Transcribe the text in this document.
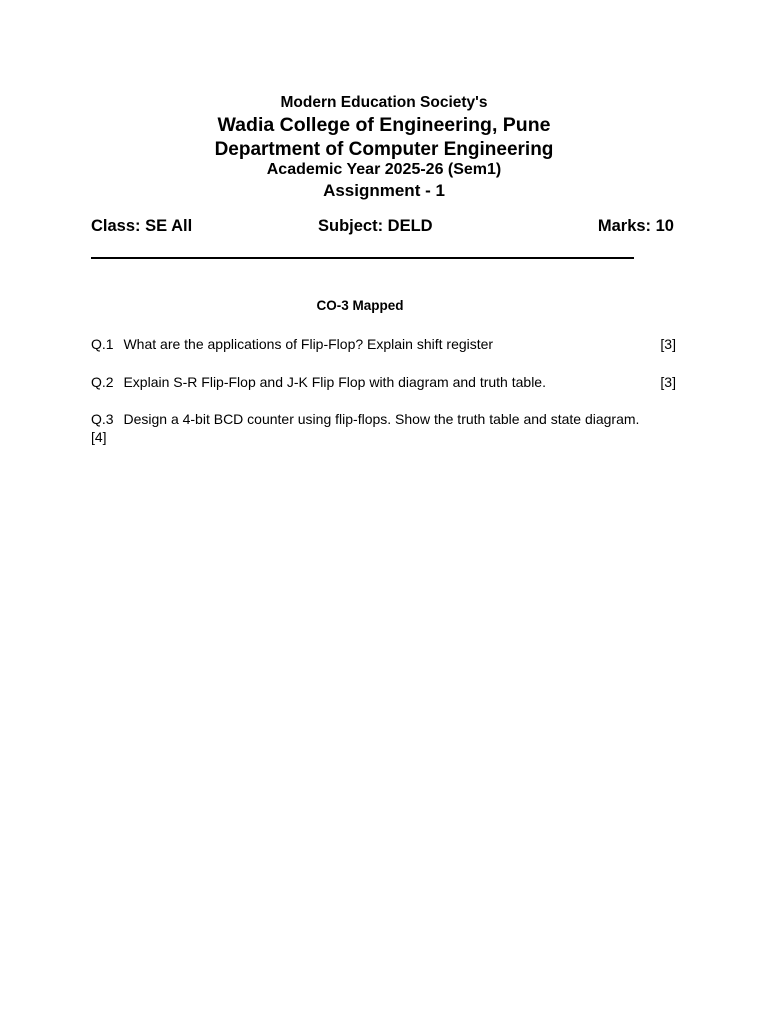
Modern Education Society's
Wadia College of Engineering, Pune
Department of Computer Engineering
Academic Year 2025-26 (Sem1)
Assignment - 1
Class: SE All	Subject: DELD	Marks: 10
CO-3 Mapped
Q.1 What are the applications of Flip-Flop? Explain shift register	[3]
Q.2 Explain S-R Flip-Flop and J-K Flip Flop with diagram and truth table.	[3]
Q.3 Design a 4-bit BCD counter using flip-flops. Show the truth table and state diagram.
[4]
